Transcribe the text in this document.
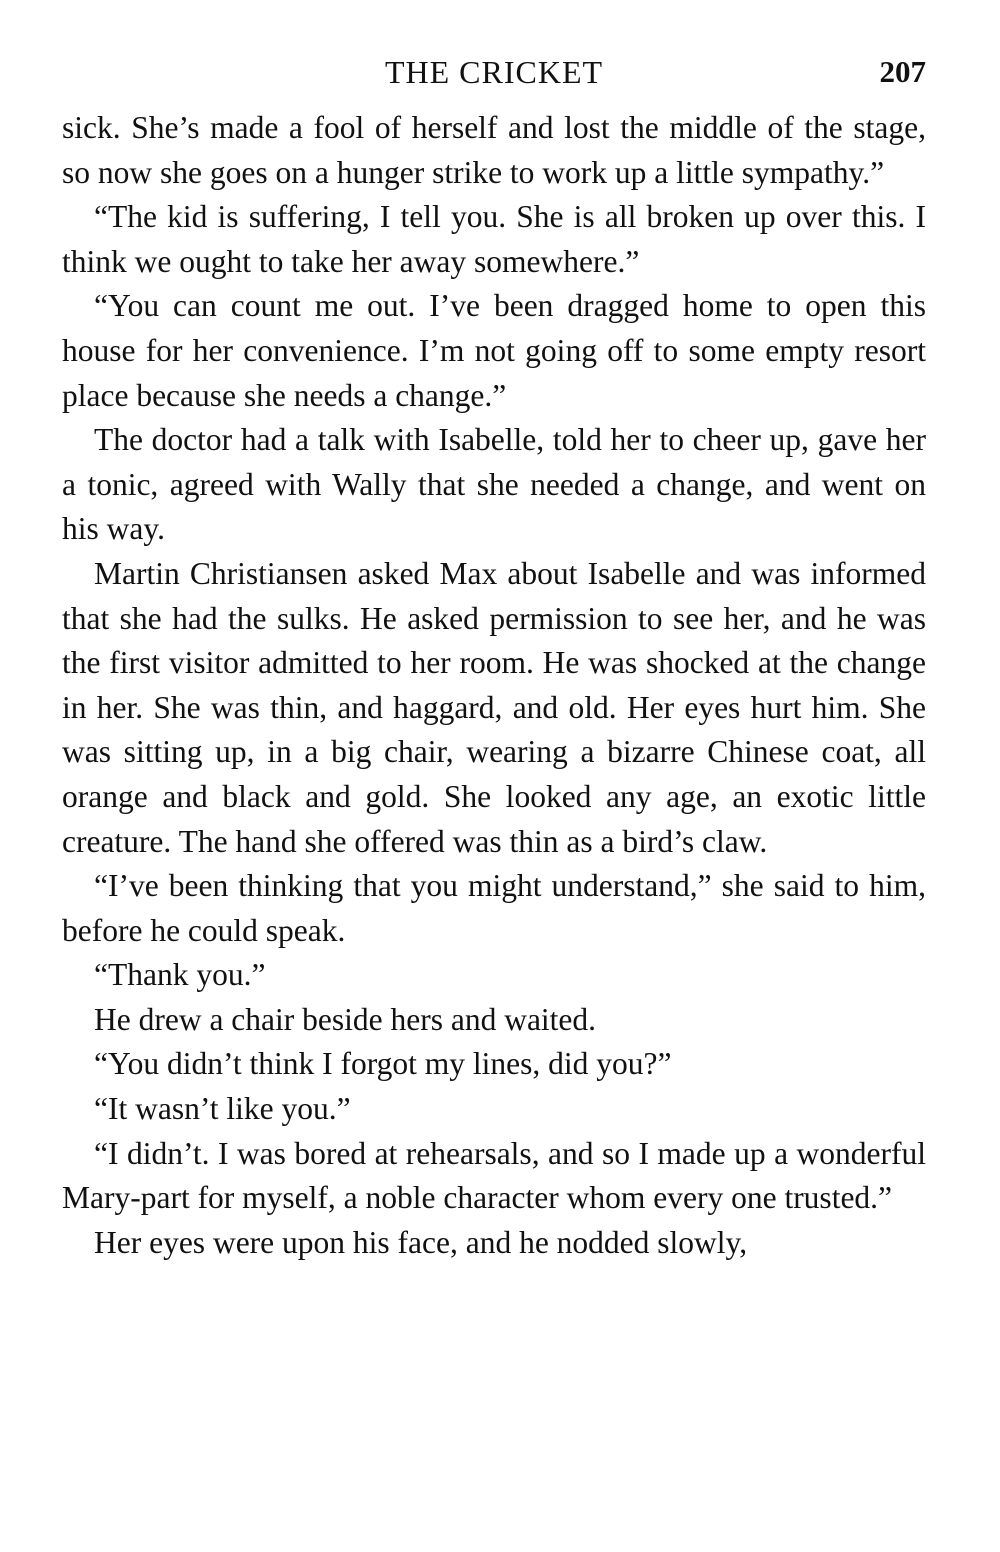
THE CRICKET	207

sick. She’s made a fool of herself and lost the middle of the stage, so now she goes on a hunger strike to work up a little sympathy.”

“The kid is suffering, I tell you. She is all broken up over this. I think we ought to take her away somewhere.”

“You can count me out. I’ve been dragged home to open this house for her convenience. I’m not going off to some empty resort place because she needs a change.”

The doctor had a talk with Isabelle, told her to cheer up, gave her a tonic, agreed with Wally that she needed a change, and went on his way.

Martin Christiansen asked Max about Isabelle and was informed that she had the sulks. He asked permission to see her, and he was the first visitor admitted to her room. He was shocked at the change in her. She was thin, and haggard, and old. Her eyes hurt him. She was sitting up, in a big chair, wearing a bizarre Chinese coat, all orange and black and gold. She looked any age, an exotic little creature. The hand she offered was thin as a bird’s claw.

“I’ve been thinking that you might understand,” she said to him, before he could speak.

“Thank you.”

He drew a chair beside hers and waited.

“You didn’t think I forgot my lines, did you?”

“It wasn’t like you.”

“I didn’t. I was bored at rehearsals, and so I made up a wonderful Mary-part for myself, a noble character whom every one trusted.”

Her eyes were upon his face, and he nodded slowly,
